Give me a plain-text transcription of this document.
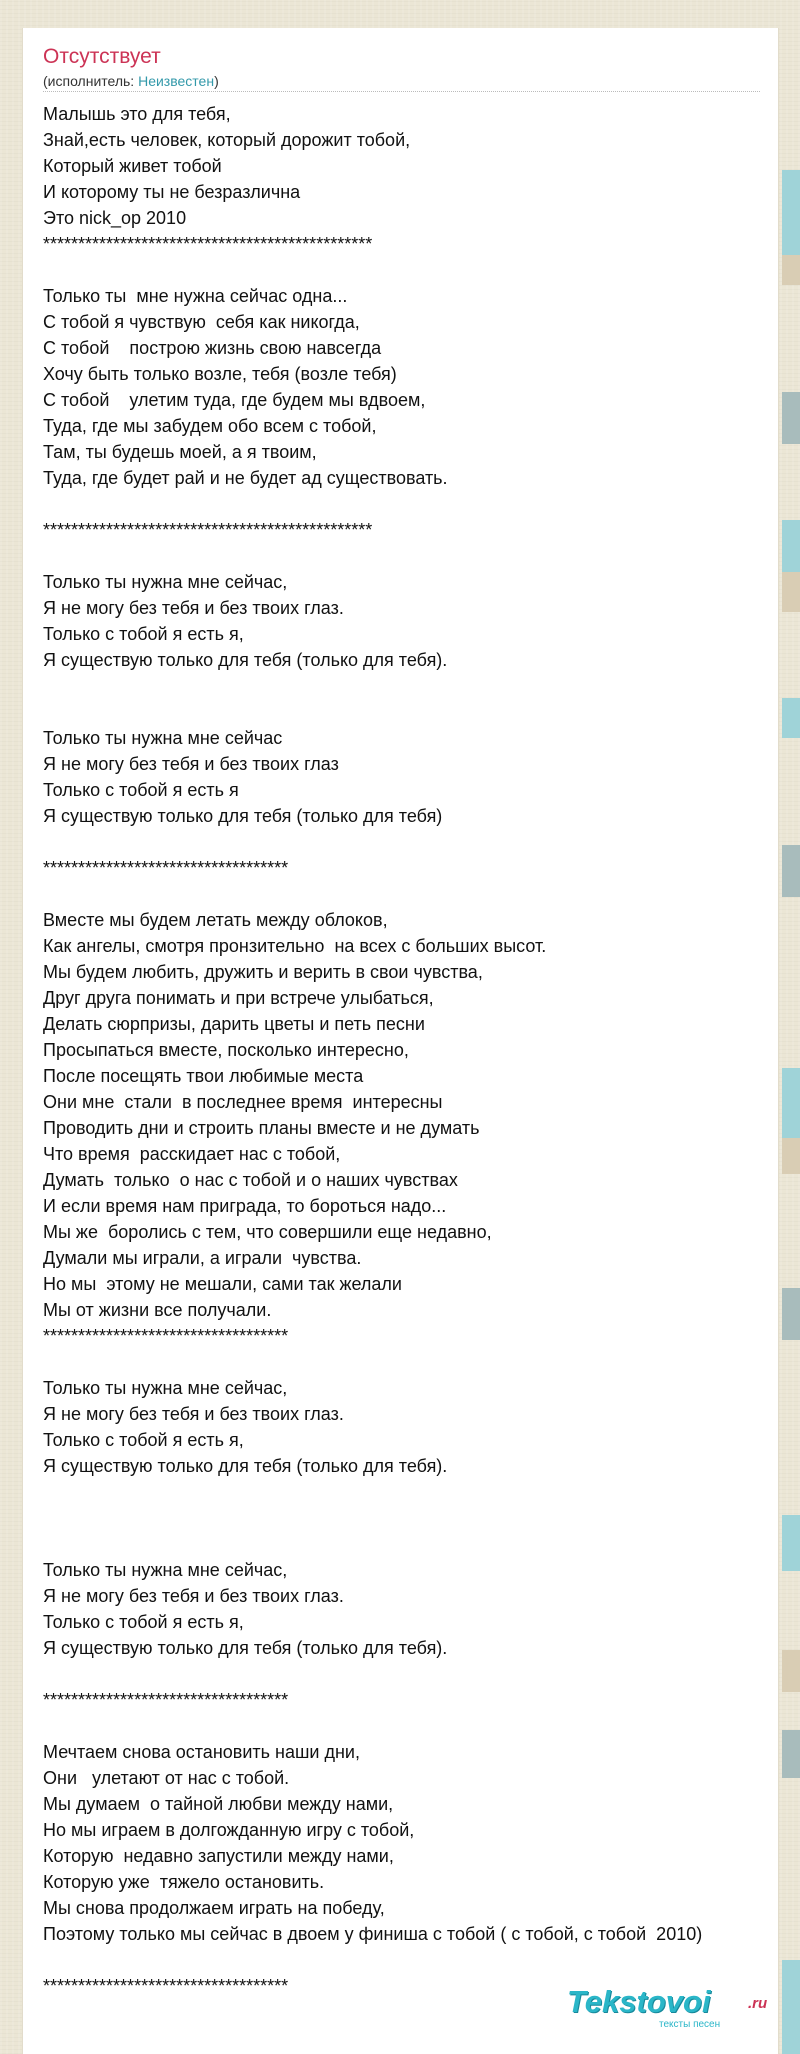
Отсутствует
(исполнитель: Неизвестен)
Малышь это для тебя,
Знай,есть человек, который дорожит тобой,
Который живет тобой
И которому ты не безразлична
Это nick_op 2010
***********************************************

Только ты  мне нужна сейчас одна...
С тобой я чувствую  себя как никогда,
С тобой    построю жизнь свою навсегда
Хочу быть только возле, тебя (возле тебя)
С тобой    улетим туда, где будем мы вдвоем,
Туда, где мы забудем обо всем с тобой,
Там, ты будешь моей, а я твоим,
Туда, где будет рай и не будет ад существовать.

***********************************************

Только ты нужна мне сейчас,
Я не могу без тебя и без твоих глаз.
Только с тобой я есть я,
Я существую только для тебя (только для тебя).

Только ты нужна мне сейчас
Я не могу без тебя и без твоих глаз
Только с тобой я есть я
Я существую только для тебя (только для тебя)

***********************************

Вместе мы будем летать между облоков,
Как ангелы, смотря пронзительно  на всех с больших высот.
Мы будем любить, дружить и верить в свои чувства,
Друг друга понимать и при встрече улыбаться,
Делать сюрпризы, дарить цветы и петь песни
Просыпаться вместе, посколько интересно,
После посещять твои любимые места
Они мне  стали  в последнее время  интересны
Проводить дни и строить планы вместе и не думать
Что время  расскидает нас с тобой,
Думать  только  о нас с тобой и о наших чувствах
И если время нам приграда, то бороться надо...
Мы же  боролись с тем, что совершили еще недавно,
Думали мы играли, а играли  чувства.
Но мы  этому не мешали, сами так желали
Мы от жизни все получали.
***********************************

Только ты нужна мне сейчас,
Я не могу без тебя и без твоих глаз.
Только с тобой я есть я,
Я существую только для тебя (только для тебя).

Только ты нужна мне сейчас,
Я не могу без тебя и без твоих глаз.
Только с тобой я есть я,
Я существую только для тебя (только для тебя).

***********************************

Мечтаем снова остановить наши дни,
Они   улетают от нас с тобой.
Мы думаем  о тайной любви между нами,
Но мы играем в долгожданную игру с тобой,
Которую  недавно запустили между нами,
Которую уже  тяжело остановить.
Мы снова продолжаем играть на победу,
Поэтому только мы сейчас в двоем у финиша с тобой ( с тобой, с тобой  2010)

***********************************	Tekstovoi .ru
тексты песен
